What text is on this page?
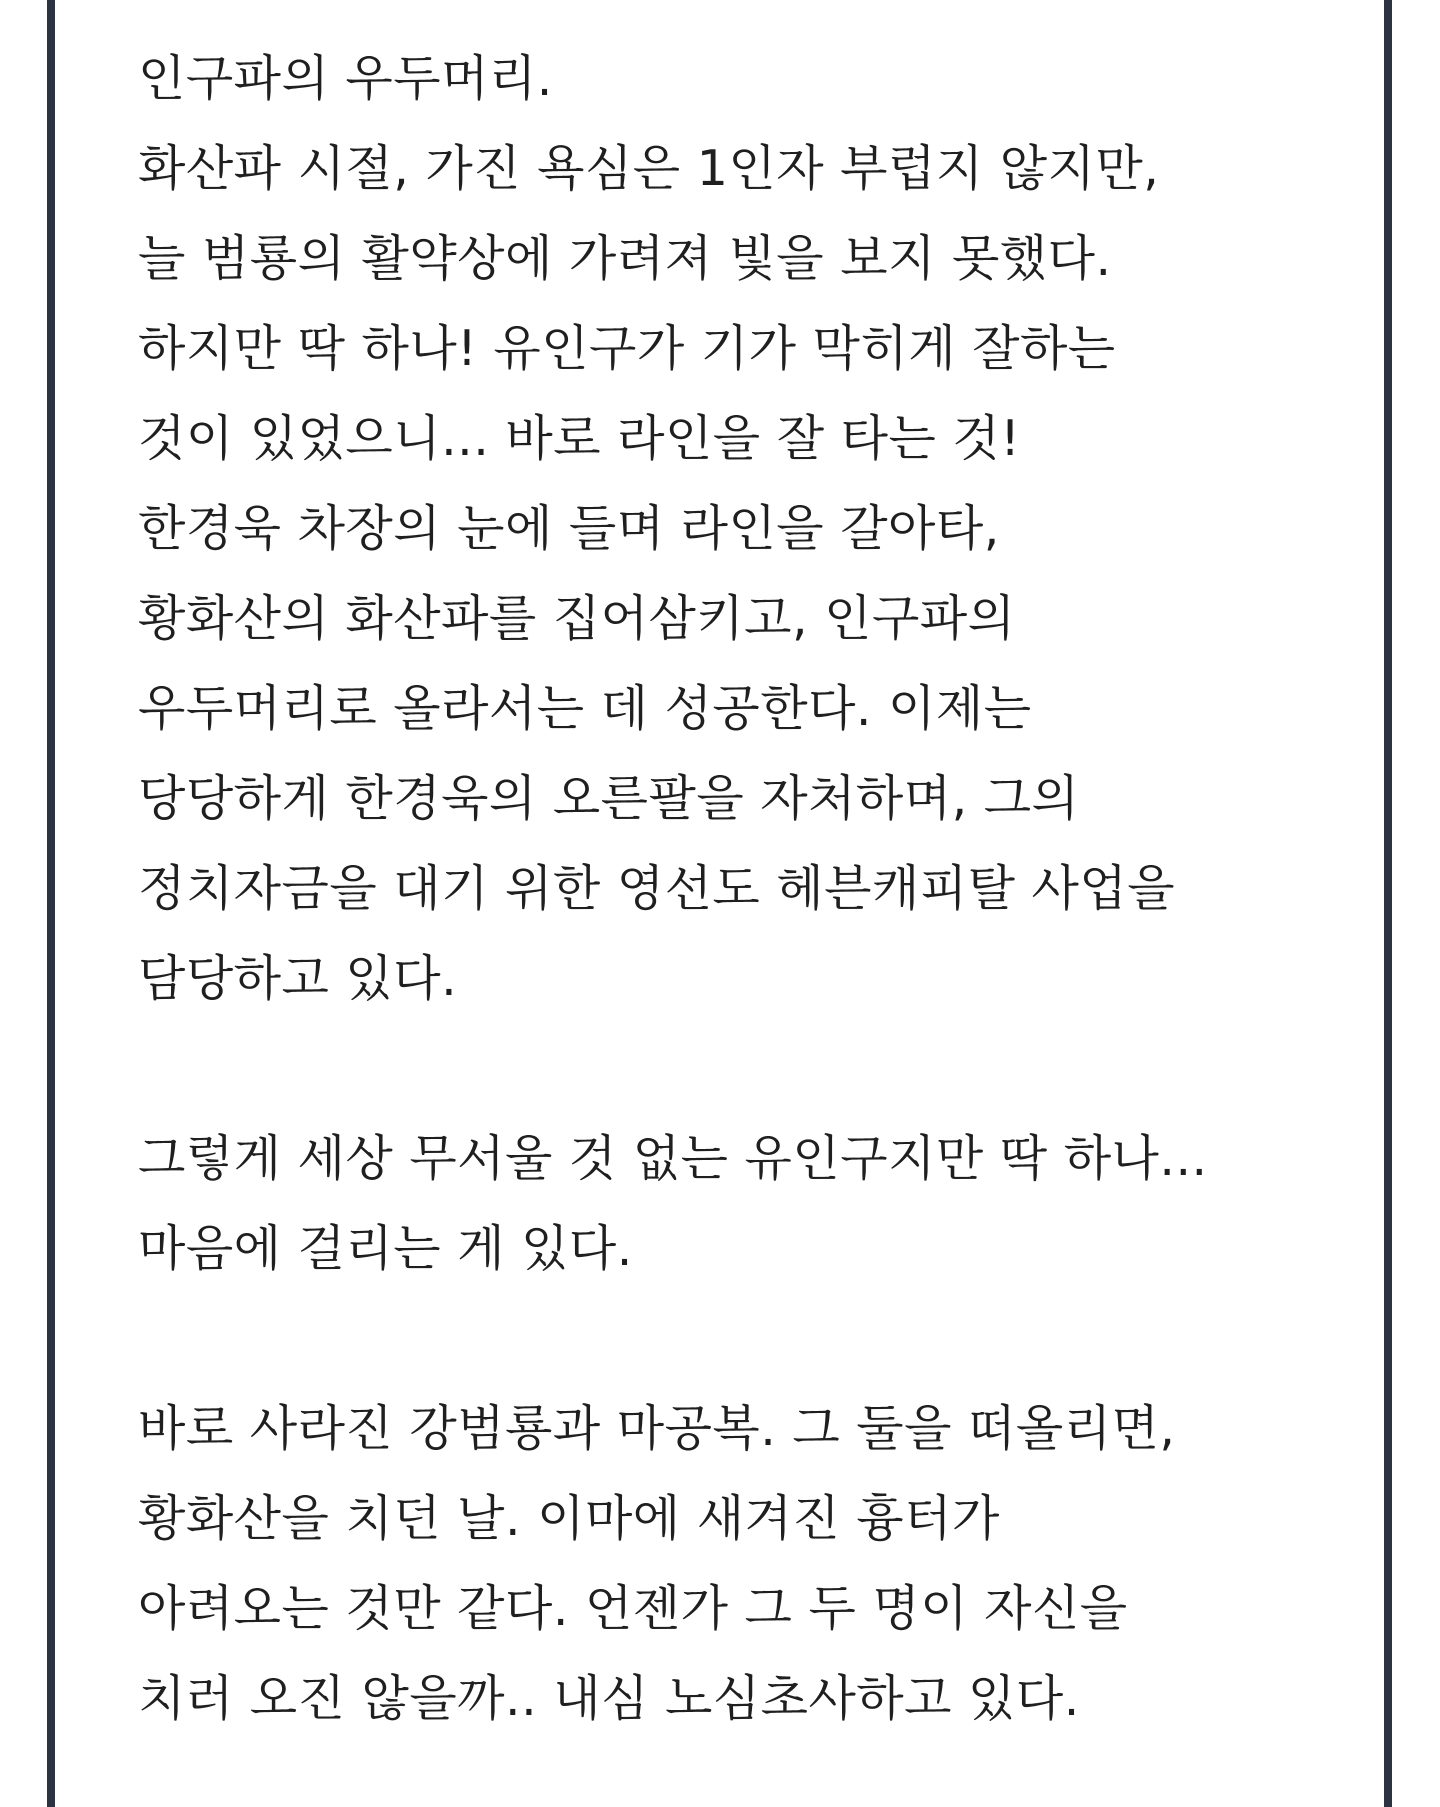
인구파의 우두머리.
화산파 시절, 가진 욕심은 1인자 부럽지 않지만,
늘 범룡의 활약상에 가려져 빛을 보지 못했다.
하지만 딱 하나! 유인구가 기가 막히게 잘하는
것이 있었으니... 바로 라인을 잘 타는 것!
한경욱 차장의 눈에 들며 라인을 갈아타,
황화산의 화산파를 집어삼키고, 인구파의
우두머리로 올라서는 데 성공한다. 이제는
당당하게 한경욱의 오른팔을 자처하며, 그의
정치자금을 대기 위한 영선도 헤븐캐피탈 사업을
담당하고 있다.
그렇게 세상 무서울 것 없는 유인구지만 딱 하나...
마음에 걸리는 게 있다.
바로 사라진 강범룡과 마공복. 그 둘을 떠올리면,
황화산을 치던 날. 이마에 새겨진 흉터가
아려오는 것만 같다. 언젠가 그 두 명이 자신을
치러 오진 않을까.. 내심 노심초사하고 있다.
